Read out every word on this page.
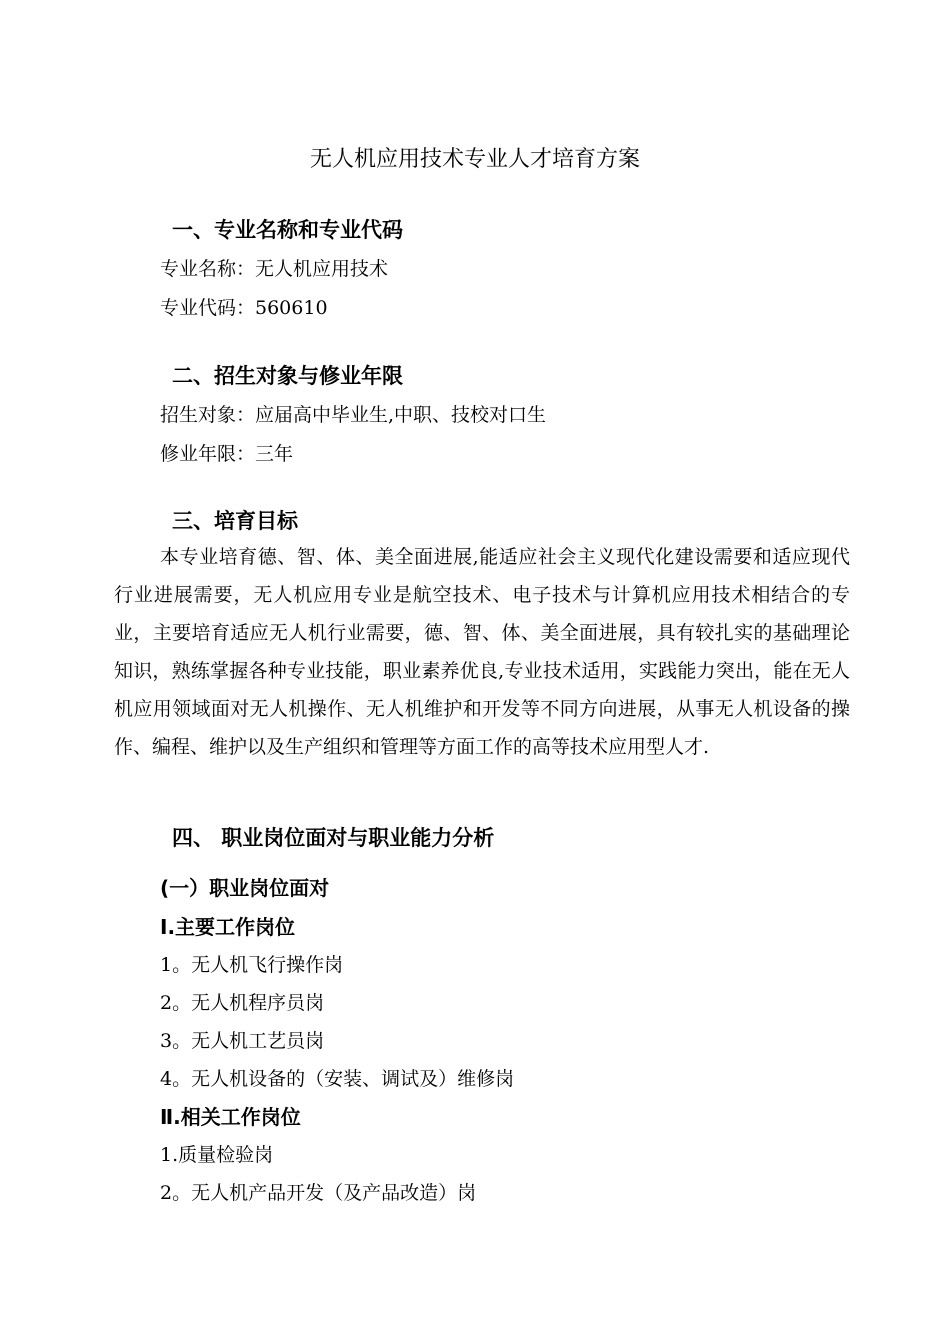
无人机应用技术专业人才培育方案
一、专业名称和专业代码
专业名称：无人机应用技术
专业代码：560610
二、招生对象与修业年限
招生对象：应届高中毕业生,中职、技校对口生
修业年限：三年
三、培育目标
本专业培育德、智、体、美全面进展,能适应社会主义现代化建设需要和适应现代行业进展需要，无人机应用专业是航空技术、电子技术与计算机应用技术相结合的专业，主要培育适应无人机行业需要，德、智、体、美全面进展，具有较扎实的基础理论知识，熟练掌握各种专业技能，职业素养优良,专业技术适用，实践能力突出，能在无人机应用领域面对无人机操作、无人机维护和开发等不同方向进展，从事无人机设备的操作、编程、维护以及生产组织和管理等方面工作的高等技术应用型人才.
四、 职业岗位面对与职业能力分析
(一）职业岗位面对
Ⅰ.主要工作岗位
1。无人机飞行操作岗
2。无人机程序员岗
3。无人机工艺员岗
4。无人机设备的（安装、调试及）维修岗
Ⅱ.相关工作岗位
1.质量检验岗
2。无人机产品开发（及产品改造）岗
